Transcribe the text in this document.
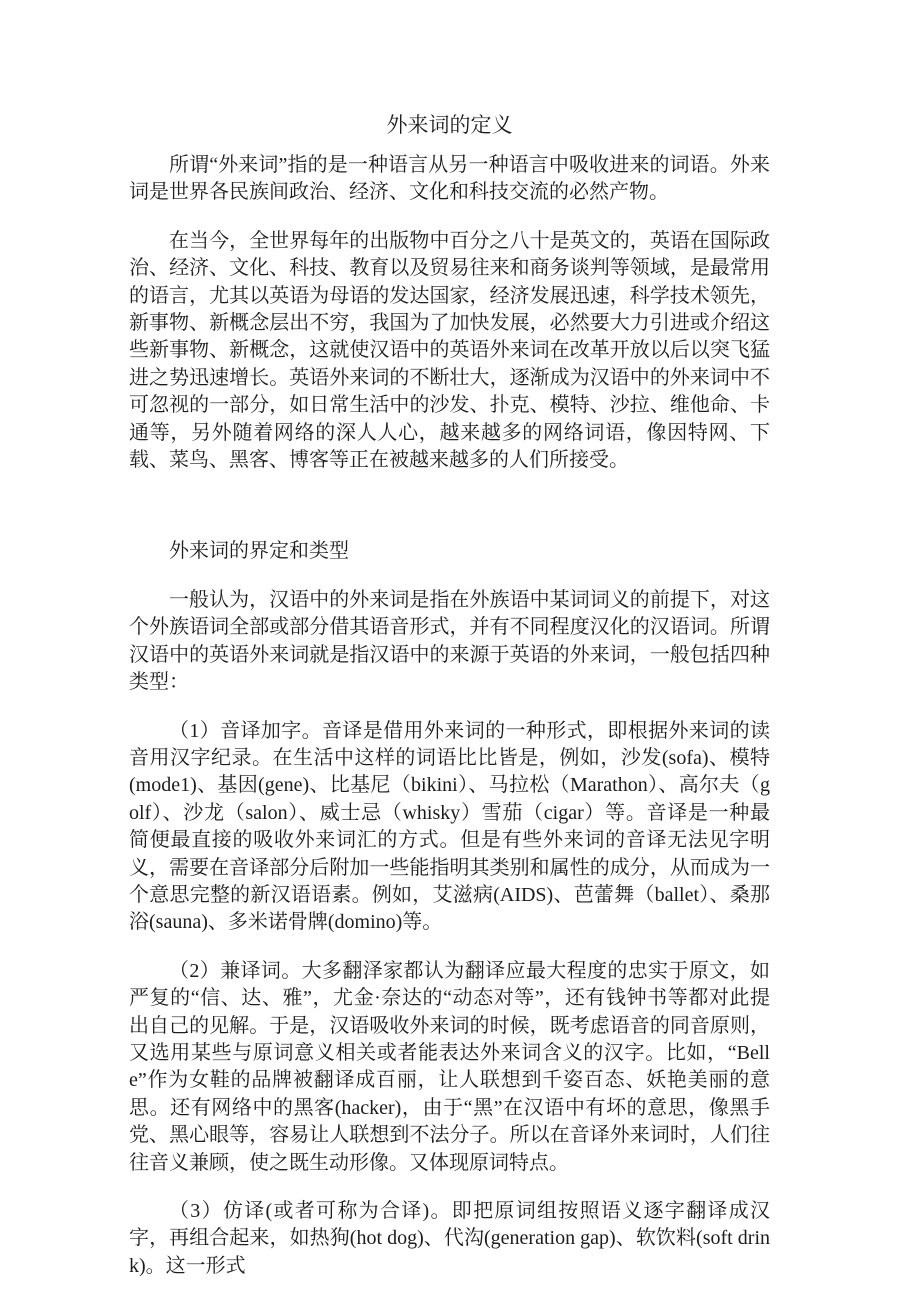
外来词的定义

所谓“外来词”指的是一种语言从另一种语言中吸收进来的词语。外来词是世界各民族间政治、经济、文化和科技交流的必然产物。

在当今，全世界每年的出版物中百分之八十是英文的，英语在国际政治、经济、文化、科技、教育以及贸易往来和商务谈判等领域，是最常用的语言，尤其以英语为母语的发达国家，经济发展迅速，科学技术领先，新事物、新概念层出不穷，我国为了加快发展，必然要大力引进或介绍这些新事物、新概念，这就使汉语中的英语外来词在改革开放以后以突飞猛进之势迅速增长。英语外来词的不断壮大，逐渐成为汉语中的外来词中不可忽视的一部分，如日常生活中的沙发、扑克、模特、沙拉、维他命、卡通等，另外随着网络的深人人心，越来越多的网络词语，像因特网、下载、菜鸟、黑客、博客等正在被越来越多的人们所接受。

外来词的界定和类型

一般认为，汉语中的外来词是指在外族语中某词词义的前提下，对这个外族语词全部或部分借其语音形式，并有不同程度汉化的汉语词。所谓汉语中的英语外来词就是指汉语中的来源于英语的外来词，一般包括四种类型：

（1）音译加字。音译是借用外来词的一种形式，即根据外来词的读音用汉字纪录。在生活中这样的词语比比皆是，例如，沙发(sofa)、模特(mode1)、基因(gene)、比基尼（bikini）、马拉松（Marathon）、高尔夫（golf）、沙龙（salon）、威士忌（whisky）雪茄（cigar）等。音译是一种最简便最直接的吸收外来词汇的方式。但是有些外来词的音译无法见字明义，需要在音译部分后附加一些能指明其类别和属性的成分，从而成为一个意思完整的新汉语语素。例如，艾滋病(AIDS)、芭蕾舞（ballet）、桑那浴(sauna)、多米诺骨牌(domino)等。

（2）兼译词。大多翻泽家都认为翻译应最大程度的忠实于原文，如严复的“信、达、雅”，尤金·奈达的“动态对等”，还有钱钟书等都对此提出自己的见解。于是，汉语吸收外来词的时候，既考虑语音的同音原则，又选用某些与原词意义相关或者能表达外来词含义的汉字。比如，“Belle”作为女鞋的品牌被翻译成百丽，让人联想到千姿百态、妖艳美丽的意思。还有网络中的黑客(hacker)，由于“黑”在汉语中有坏的意思，像黑手党、黑心眼等，容易让人联想到不法分子。所以在音译外来词时，人们往往音义兼顾，使之既生动形像。又体现原词特点。

（3）仿译(或者可称为合译)。即把原词组按照语义逐字翻译成汉字，再组合起来，如热狗(hot dog)、代沟(generation gap)、软饮料(soft drink)。这一形式
